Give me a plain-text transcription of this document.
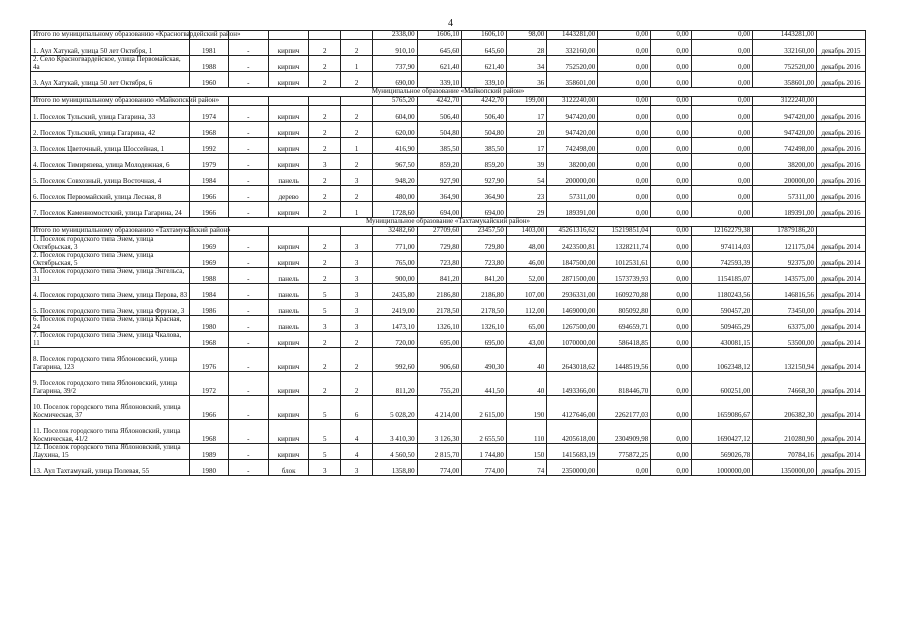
4
Итого по муниципальному образованию «Красногвардейский район»						2338,00	1606,10	1606,10	98,00	1443281,00	0,00	0,00	0,00	1443281,00	
1. Аул Хатукай, улица 50 лет Октября, 1	1981	-	кирпич	2	2	910,10	645,60	645,60	28	332160,00	0,00	0,00	0,00	332160,00	декабрь 2015
2. Село Красногвардейское, улица Первомайская, 4а	1988	-	кирпич	2	1	737,90	621,40	621,40	34	752520,00	0,00	0,00	0,00	752520,00	декабрь 2016
3. Аул Хатукай, улица 50 лет Октября, 6	1960	-	кирпич	2	2	690,00	339,10	339,10	36	358601,00	0,00	0,00	0,00	358601,00	декабрь 2016
Муниципальное образование «Майкопский район»															
Итого по муниципальному образованию «Майкопский район»						5765,20	4242,70	4242,70	199,00	3122240,00	0,00	0,00	0,00	3122240,00	
1. Поселок Тульский, улица Гагарина, 33	1974	-	кирпич	2	2	604,00	506,40	506,40	17	947420,00	0,00	0,00	0,00	947420,00	декабрь 2016
2. Поселок Тульский, улица Гагарина, 42	1968	-	кирпич	2	2	620,00	504,80	504,80	20	947420,00	0,00	0,00	0,00	947420,00	декабрь 2016
3. Поселок Цветочный, улица Шоссейная, 1	1992	-	кирпич	2	1	416,90	385,50	385,50	17	742498,00	0,00	0,00	0,00	742498,00	декабрь 2016
4. Поселок Тимирязева, улица Молодежная, 6	1979	-	кирпич	3	2	967,50	859,20	859,20	39	38200,00	0,00	0,00	0,00	38200,00	декабрь 2016
5. Поселок Совхозный, улица Восточная, 4	1984	-	панель	2	3	948,20	927,90	927,90	54	200000,00	0,00	0,00	0,00	200000,00	декабрь 2016
6. Поселок Первомайский, улица Лесная, 8	1966	-	дерево	2	2	480,00	364,90	364,90	23	57311,00	0,00	0,00	0,00	57311,00	декабрь 2016
7. Поселок Каменномостский, улица Гагарина, 24	1966	-	кирпич	2	1	1728,60	694,00	694,00	29	189391,00	0,00	0,00	0,00	189391,00	декабрь 2016
Муниципальное образование «Тахтамукайский район»															
Итого по муниципальному образованию «Тахтамукайский район»						32482,60	27709,60	23457,50	1403,00	45261316,62	15219851,04	0,00	12162279,38	17879186,20	
1. Поселок городского типа Энем, улица Октябрьская, 3	1969	-	кирпич	2	3	771,00	729,80	729,80	48,00	2423500,81	1328211,74	0,00	974114,03	121175,04	декабрь 2014
2. Поселок городского типа Энем, улица Октябрьская, 5	1969	-	кирпич	2	3	765,00	723,80	723,80	46,00	1847500,00	1012531,61	0,00	742593,39	92375,00	декабрь 2014
3. Поселок городского типа Энем, улица Энгельса, 31	1988	-	панель	2	3	900,00	841,20	841,20	52,00	2871500,00	1573739,93	0,00	1154185,07	143575,00	декабрь 2014
4. Поселок городского типа Энем, улица Перова, 83	1984	-	панель	5	3	2435,80	2186,80	2186,80	107,00	2936331,00	1609270,88	0,00	1180243,56	146816,56	декабрь 2014
5. Поселок городского типа Энем, улица Фрунзе, 3	1986	-	панель	5	3	2419,00	2178,50	2178,50	112,00	1469000,00	805092,80	0,00	590457,20	73450,00	декабрь 2014
6. Поселок городского типа Энем, улица Красная, 24	1980	-	панель	3	3	1473,10	1326,10	1326,10	65,00	1267500,00	694659,71	0,00	509465,29	63375,00	декабрь 2014
7. Поселок городского типа Энем, улица Чкалова, 11	1968	-	кирпич	2	2	720,00	695,00	695,00	43,00	1070000,00	586418,85	0,00	430081,15	53500,00	декабрь 2014
8. Поселок городского типа Яблоновский, улица Гагарина, 123	1976	-	кирпич	2	2	992,60	906,60	490,30	40	2643018,62	1448519,56	0,00	1062348,12	132150,94	декабрь 2014
9. Поселок городского типа Яблоновский, улица Гагарина, 39/2	1972	-	кирпич	2	2	811,20	755,20	441,50	40	1493366,00	818446,70	0,00	600251,00	74668,30	декабрь 2014
10. Поселок городского типа Яблоновский, улица Космическая, 37	1966	-	кирпич	5	6	5 028,20	4 214,00	2 615,00	190	4127646,00	2262177,03	0,00	1659086,67	206382,30	декабрь 2014
11. Поселок городского типа Яблоновский, улица Космическая, 41/2	1968	-	кирпич	5	4	3 410,30	3 126,30	2 655,50	110	4205618,00	2304909,98	0,00	1690427,12	210280,90	декабрь 2014
12. Поселок городского типа Яблоновский, улица Лаухина, 15	1989	-	кирпич	5	4	4 560,50	2 815,70	1 744,80	150	1415683,19	775872,25	0,00	569026,78	70784,16	декабрь 2014
13. Аул Тахтамукай, улица Полевая, 55	1980	-	блок	3	3	1358,80	774,00	774,00	74	2350000,00	0,00	0,00	1000000,00	1350000,00	декабрь 2015
